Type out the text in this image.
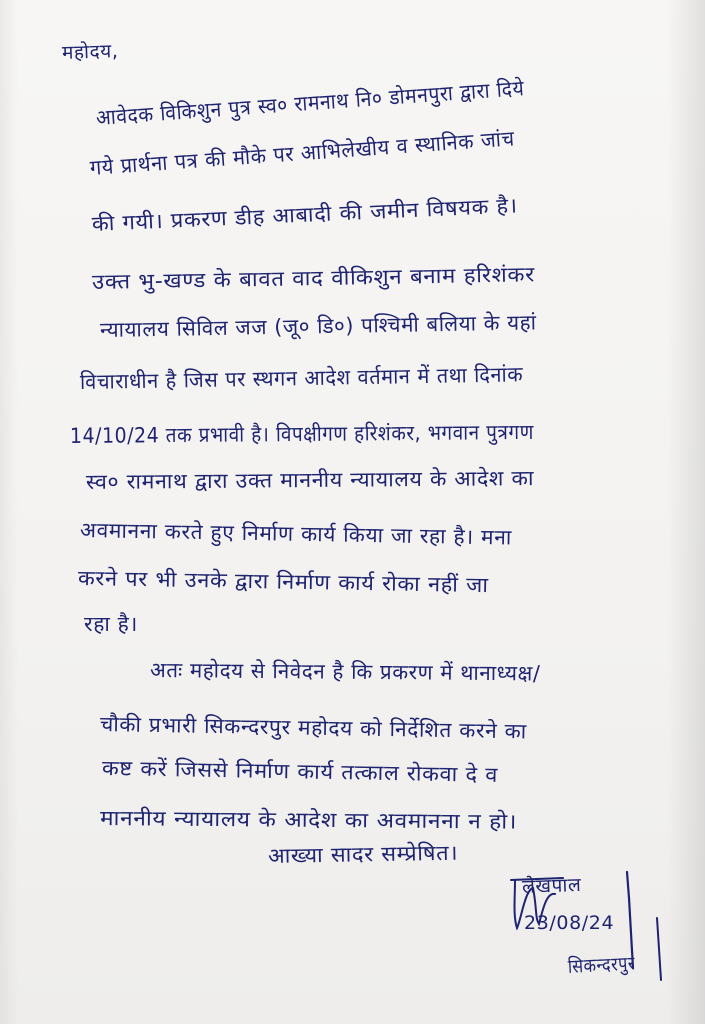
महोदय,
आवेदक विकिशुन पुत्र स्व० रामनाथ नि० डोमनपुरा द्वारा दिये
गये प्रार्थना पत्र की मौके पर आभिलेखीय व स्थानिक जांच
की गयी। प्रकरण डीह आबादी की जमीन विषयक है।
उक्त भु-खण्ड के बावत वाद वीकिशुन बनाम हरिशंकर
न्यायालय सिविल जज (जू० डि०) पश्चिमी बलिया के यहां
विचाराधीन है जिस पर स्थगन आदेश वर्तमान में तथा दिनांक
14/10/24 तक प्रभावी है। विपक्षीगण हरिशंकर, भगवान पुत्रगण
स्व० रामनाथ द्वारा उक्त माननीय न्यायालय के आदेश का
अवमानना करते हुए निर्माण कार्य किया जा रहा है। मना
करने पर भी उनके द्वारा निर्माण कार्य रोका नहीं जा
रहा है।
अतः महोदय से निवेदन है कि प्रकरण में थानाध्यक्ष/
चौकी प्रभारी सिकन्दरपुर महोदय को निर्देशित करने का
कष्ट करें जिससे निर्माण कार्य तत्काल रोकवा दे व
माननीय न्यायालय के आदेश का अवमानना न हो।
आख्या सादर सम्प्रेषित।
लेखपाल
23/08/24
सिकन्दरपुर
